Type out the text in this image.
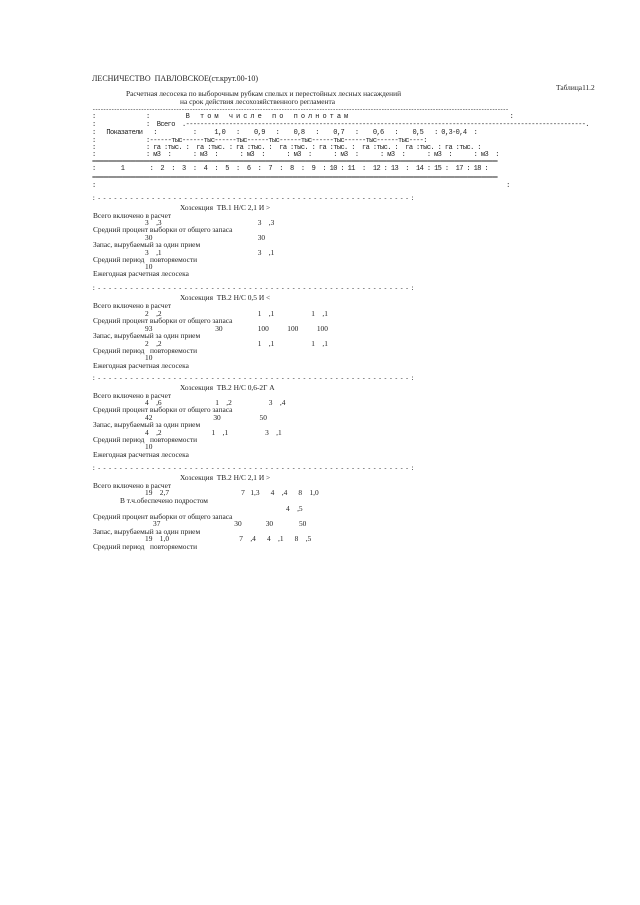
ЛЕСНИЧЕСТВО  ПАВЛОВСКОЕ(ст.крут.00-10)
Таблица11.2
Расчетная лесосека по выборочным рубкам спелых и перестойных лесных насаждений
на срок действия лесохозяйственного регламента
----------------------------------------------------------------------------------------------------------------------------------------------------------
:              :          В   т о м   ч и с л е   п о   п о л н о т а м                                             :
:              :  Всего  .---------------------------------------------------------------------------------------------------------------.
:   Показатели   :          :     1,0   :    0,9   :    0,8   :    0,7   :    0,6   :    0,5   : 0,3-0,4  :
:              :------тыс------тыс------тыс------тыс------тыс------тыс------тыс------тыс----:
:              : га :тыс. :  га :тыс. : га :тыс. :  га :тыс. : га :тыс. :  га :тыс. :  га :тыс. : га :тыс. :
:              : м3  :      : м3  :      : м3  :      : м3  :      : м3  :      : м3  :      : м3  :      : м3  :
======================================================================================================================================================
:       1       :  2  :  3  :  4  :  5  :  6  :  7  :  8  :  9  : 10 : 11  :  12 : 13  :  14 : 15 :  17 : 18 :
======================================================================================================================================================
:                                                                                                                  :
: - - - - - - - - - - - - - - - - - - - - - - - - - - - - - - - - - - - - - - - - - - - - - - - - - - - - - - - - - - :
Хозсекция  ТВ.1 Н/С 2,1 И >
Всего включено в расчет
3    ,3                                                    3    ,3
Средний процент выборки от общего запаса
30                                                         30
Запас, вырубаемый за один прием
3    ,1                                                    3    ,1
Средний период   повторяемости
10
Ежегодная расчетная лесосека
: - - - - - - - - - - - - - - - - - - - - - - - - - - - - - - - - - - - - - - - - - - - - - - - - - - - - - - - - - - :
Хозсекция  ТВ.2 Н/С 0,5 И <
Всего включено в расчет
2    ,2                                                    1    ,1                    1    ,1
Средний процент выборки от общего запаса
93                                  30                   100          100          100
Запас, вырубаемый за один прием
2    ,2                                                    1    ,1                    1    ,1
Средний период   повторяемости
10
Ежегодная расчетная лесосека
: - - - - - - - - - - - - - - - - - - - - - - - - - - - - - - - - - - - - - - - - - - - - - - - - - - - - - - - - - - :
Хозсекция  ТВ.2 Н/С 0,6-2Г А
Всего включено в расчет
4    ,6                             1    ,2                    3    ,4
Средний процент выборки от общего запаса
42                                 30                     50
Запас, вырубаемый за один прием
4    ,2                           1    ,1                    3    ,1
Средний период   повторяемости
10
Ежегодная расчетная лесосека
: - - - - - - - - - - - - - - - - - - - - - - - - - - - - - - - - - - - - - - - - - - - - - - - - - - - - - - - - - - :
Хозсекция  ТВ.2 Н/С 2,1 И >
Всего включено в расчет
19    2,7                                       7   1,3      4    ,4      8    1,0
В т.ч.обеспечено подростом
4    ,5
Средний процент выборки от общего запаса
37                                        30             30              50
Запас, вырубаемый за один прием
19    1,0                                      7    ,4      4    ,1      8    ,5
Средний период   повторяемости
